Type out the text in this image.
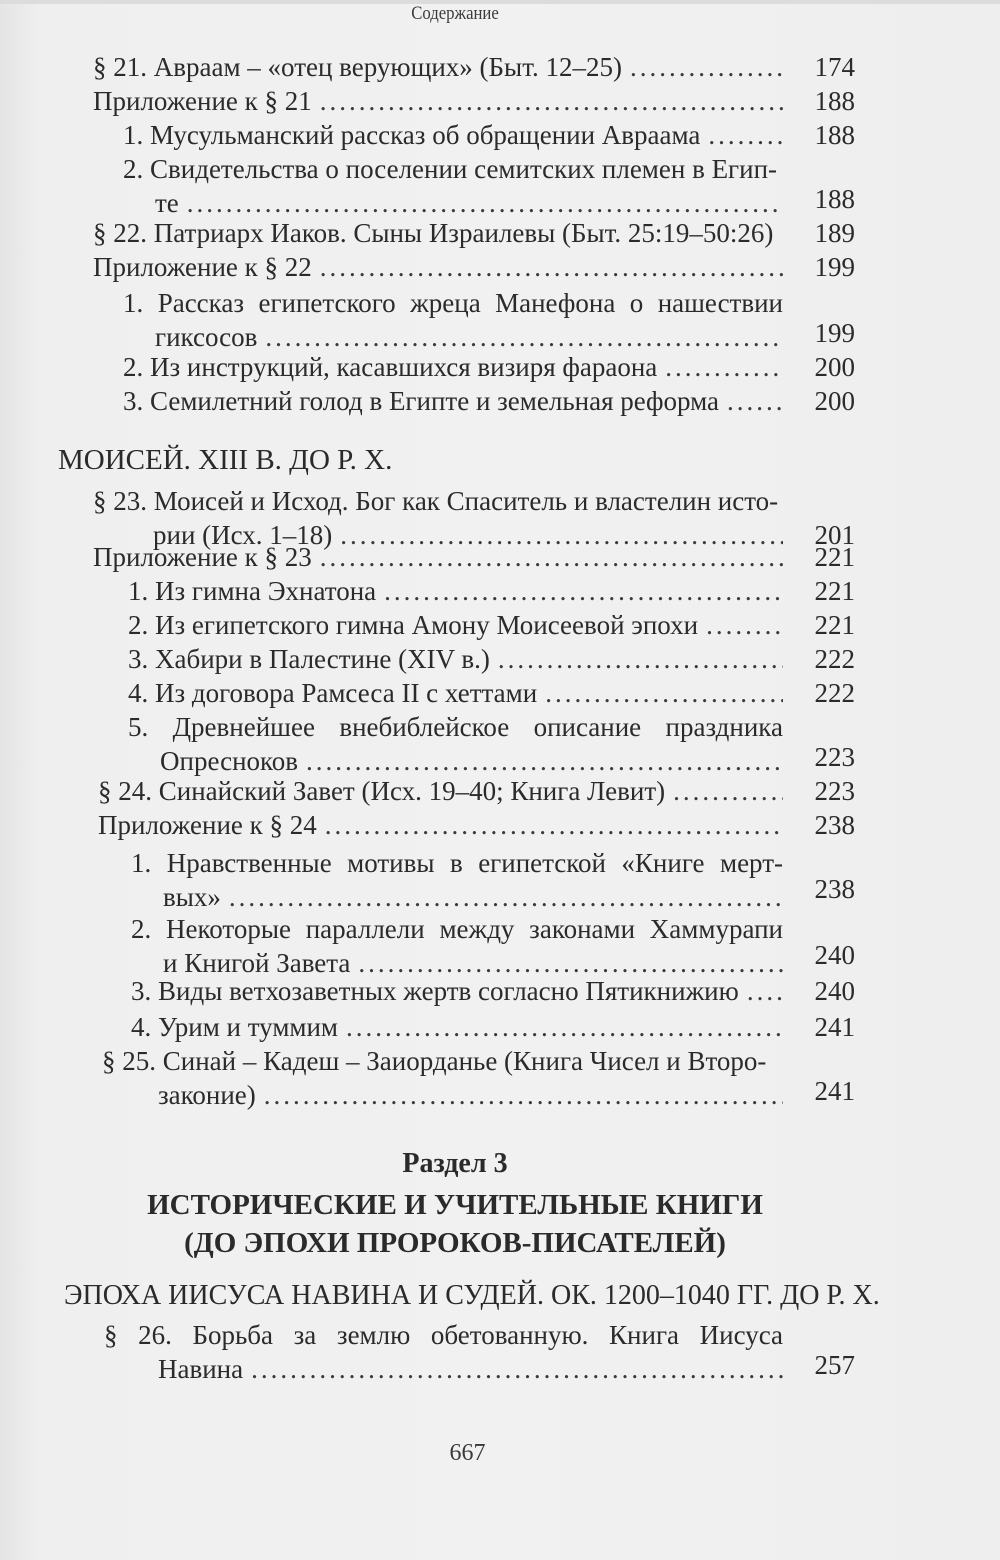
Содержание
§ 21. Авраам – «отец верующих» (Быт. 12–25) .....	174
Приложение к § 21 .....	188
1. Мусульманский рассказ об обращении Авраама .....	188
2. Свидетельства о поселении семитских племен в Егип-
те .....	188
§ 22. Патриарх Иаков. Сыны Израилевы (Быт. 25:19–50:26)	189
Приложение к § 22 .....	199
1. Рассказ египетского жреца Манефона о нашествии
гиксосов .....	199
2. Из инструкций, касавшихся визиря фараона .....	200
3. Семилетний голод в Египте и земельная реформа .....	200
МОИСЕЙ. XIII В. ДО Р. Х.
§ 23. Моисей и Исход. Бог как Спаситель и властелин исто-
рии (Исх. 1–18) .....	201
Приложение к § 23 .....	221
1. Из гимна Эхнатона .....	221
2. Из египетского гимна Амону Моисеевой эпохи .....	221
3. Хабири в Палестине (XIV в.) .....	222
4. Из договора Рамсеса II с хеттами .....	222
5. Древнейшее внебиблейское описание праздника
Опресноков .....	223
§ 24. Синайский Завет (Исх. 19–40; Книга Левит) .....	223
Приложение к § 24 .....	238
1. Нравственные мотивы в египетской «Книге мерт-
вых» .....	238
2. Некоторые параллели между законами Хаммурапи
и Книгой Завета .....	240
3. Виды ветхозаветных жертв согласно Пятикнижию .....	240
4. Урим и туммим .....	241
§ 25. Синай – Кадеш – Заиорданье (Книга Чисел и Второ-
законие) .....	241
Раздел 3
ИСТОРИЧЕСКИЕ И УЧИТЕЛЬНЫЕ КНИГИ
(ДО ЭПОХИ ПРОРОКОВ-ПИСАТЕЛЕЙ)
ЭПОХА ИИСУСА НАВИНА И СУДЕЙ. ОК. 1200–1040 ГГ. ДО Р. Х.
§ 26. Борьба за землю обетованную. Книга Иисуса
Навина .....	257
667
